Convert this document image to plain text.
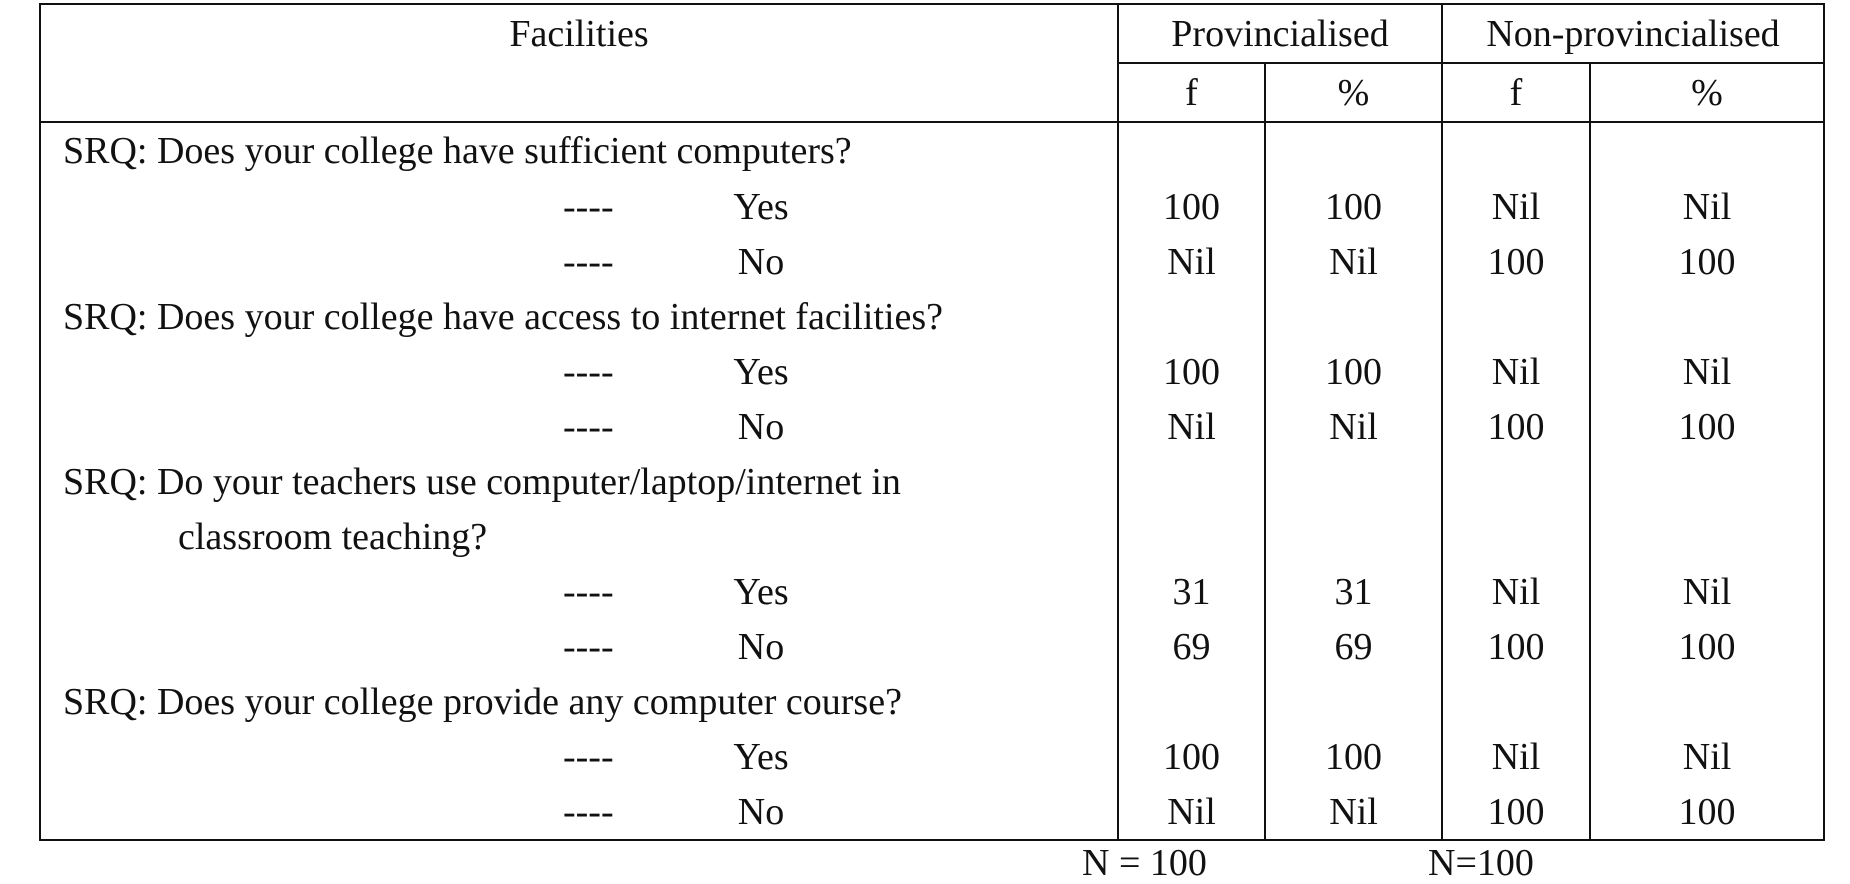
Facilities	Provincialised		Non-provincialised	
	f	%	f	%
SRQ: Does your college have sufficient computers?				

---- Yes	100	100	Nil	Nil

---- No	Nil	Nil	100	100
SRQ: Does your college have access to internet facilities?				

---- Yes	100	100	Nil	Nil

---- No	Nil	Nil	100	100
SRQ: Do your teachers use computer/laptop/internet in				
classroom teaching?				

---- Yes	31	31	Nil	Nil

---- No	69	69	100	100
SRQ: Does your college provide any computer course?				

---- Yes	100	100	Nil	Nil

---- No	Nil	Nil	100	100
N = 100	N=100
